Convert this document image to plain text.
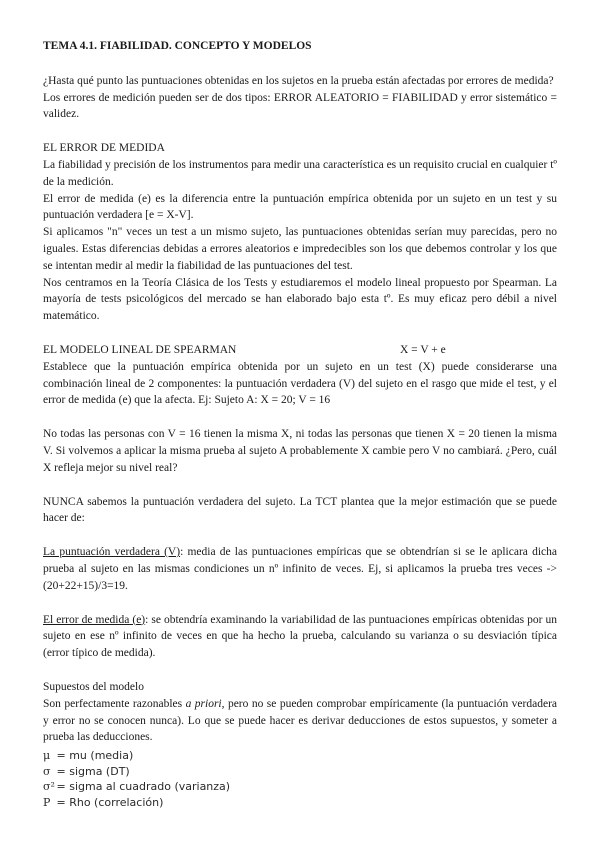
TEMA 4.1. FIABILIDAD. CONCEPTO Y MODELOS

¿Hasta qué punto las puntuaciones obtenidas en los sujetos en la prueba están afectadas por errores de medida?

Los errores de medición pueden ser de dos tipos: ERROR ALEATORIO = FIABILIDAD y error sistemático = validez.

EL ERROR DE MEDIDA

La fiabilidad y precisión de los instrumentos para medir una característica es un requisito crucial en cualquier tº de la medición.

El error de medida (e) es la diferencia entre la puntuación empírica obtenida por un sujeto en un test y su puntuación verdadera [e = X-V].

Si aplicamos "n" veces un test a un mismo sujeto, las puntuaciones obtenidas serían muy parecidas, pero no iguales. Estas diferencias debidas a errores aleatorios e impredecibles son los que debemos controlar y los que se intentan medir al medir la fiabilidad de las puntuaciones del test.

Nos centramos en la Teoría Clásica de los Tests y estudiaremos el modelo lineal propuesto por Spearman. La mayoría de tests psicológicos del mercado se han elaborado bajo esta tº. Es muy eficaz pero débil a nivel matemático.

EL MODELO LINEAL DE SPEARMAN	X = V + e

Establece que la puntuación empírica obtenida por un sujeto en un test (X) puede considerarse una combinación lineal de 2 componentes: la puntuación verdadera (V) del sujeto en el rasgo que mide el test, y el error de medida (e) que la afecta. Ej: Sujeto A: X = 20; V = 16

No todas las personas con V = 16 tienen la misma X, ni todas las personas que tienen X = 20 tienen la misma V. Si volvemos a aplicar la misma prueba al sujeto A probablemente X cambie pero V no cambiará. ¿Pero, cuál X refleja mejor su nivel real?

NUNCA sabemos la puntuación verdadera del sujeto. La TCT plantea que la mejor estimación que se puede hacer de:

La puntuación verdadera (V): media de las puntuaciones empíricas que se obtendrían si se le aplicara dicha prueba al sujeto en las mismas condiciones un nº infinito de veces. Ej, si aplicamos la prueba tres veces -> (20+22+15)/3=19.

El error de medida (e): se obtendría examinando la variabilidad de las puntuaciones empíricas obtenidas por un sujeto en ese nº infinito de veces en que ha hecho la prueba, calculando su varianza o su desviación típica (error típico de medida).

Supuestos del modelo

Son perfectamente razonables a priori, pero no se pueden comprobar empíricamente (la puntuación verdadera y error no se conocen nunca). Lo que se puede hacer es derivar deducciones de estos supuestos, y someter a prueba las deducciones.

μ = mu (media)
σ = sigma (DT)
σ² = sigma al cuadrado (varianza)
P = Rho (correlación)
